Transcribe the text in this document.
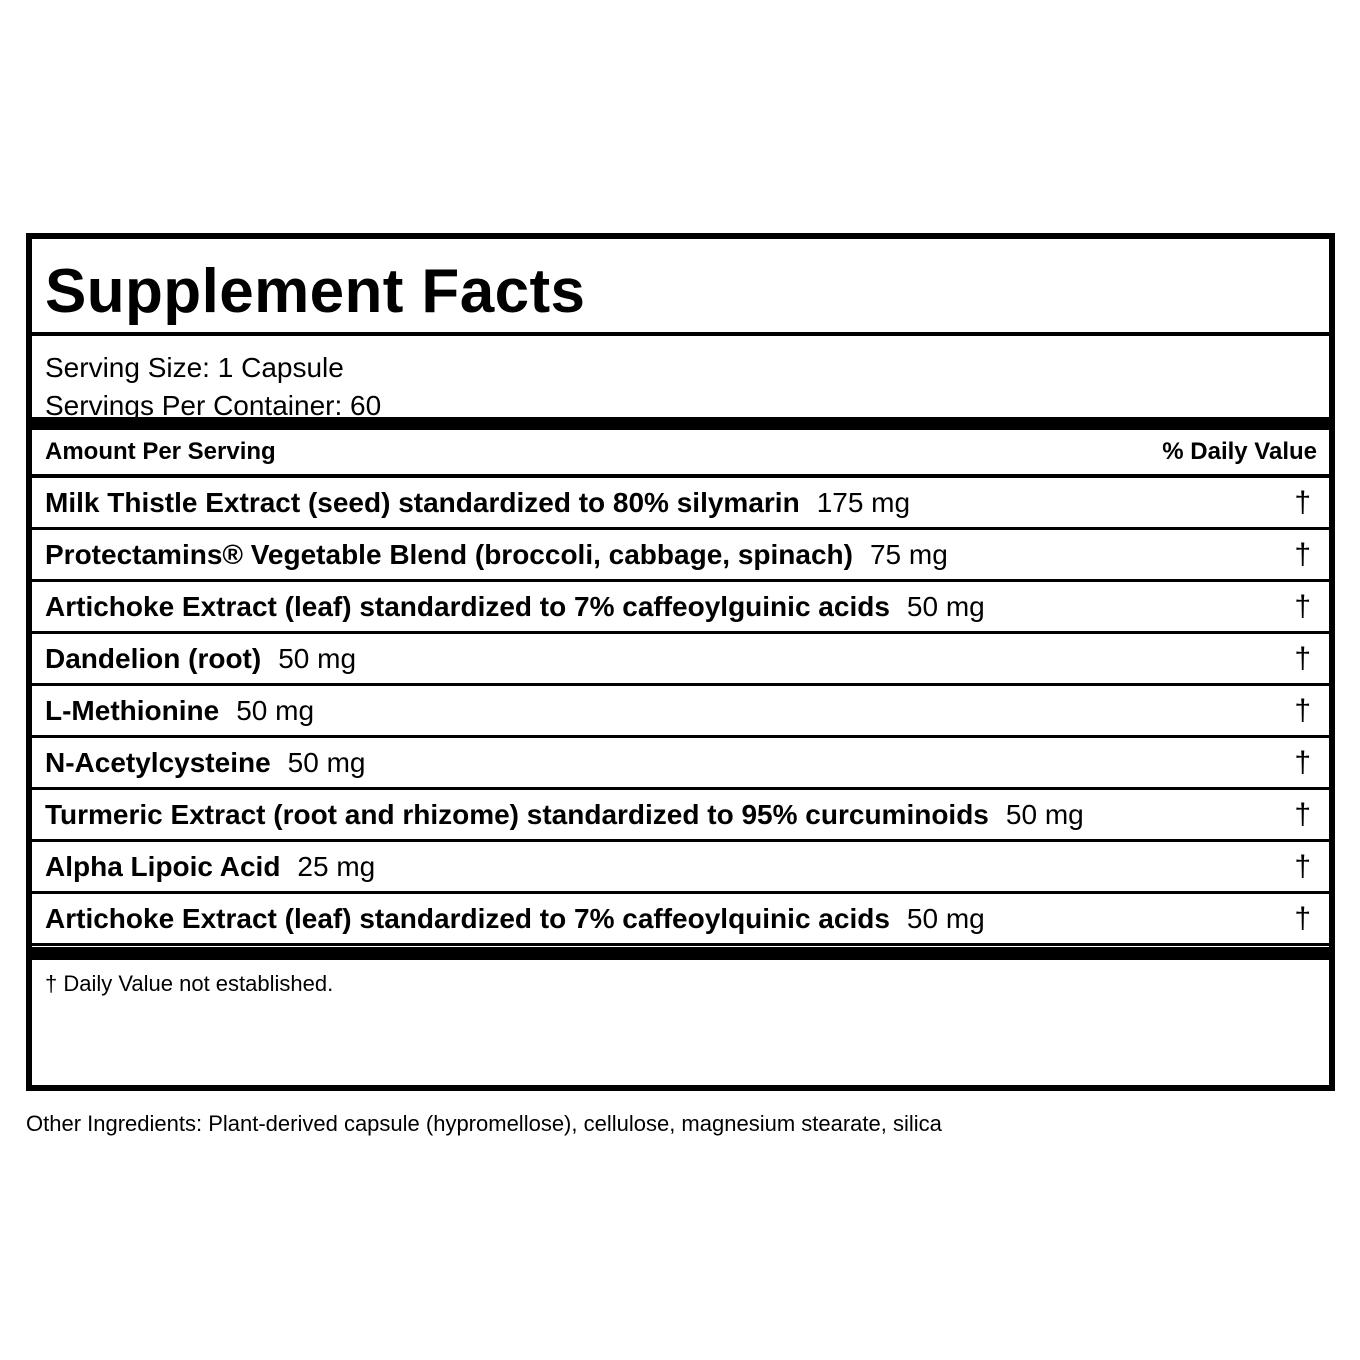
Supplement Facts
Serving Size: 1 Capsule
Servings Per Container: 60
Amount Per Serving	% Daily Value
Milk Thistle Extract (seed) standardized to 80% silymarin 175 mg	†
Protectamins® Vegetable Blend (broccoli, cabbage, spinach) 75 mg	†
Artichoke Extract (leaf) standardized to 7% caffeoylguinic acids 50 mg	†
Dandelion (root) 50 mg	†
L-Methionine 50 mg	†
N-Acetylcysteine 50 mg	†
Turmeric Extract (root and rhizome) standardized to 95% curcuminoids 50 mg	†
Alpha Lipoic Acid 25 mg	†
Artichoke Extract (leaf) standardized to 7% caffeoylquinic acids 50 mg	†
† Daily Value not established.
Other Ingredients: Plant-derived capsule (hypromellose), cellulose, magnesium stearate, silica
